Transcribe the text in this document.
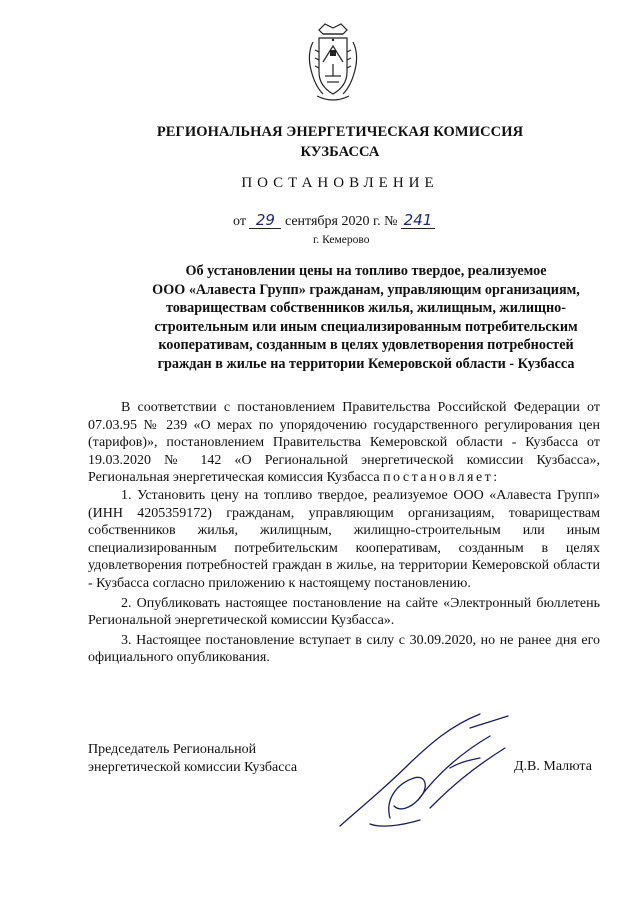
РЕГИОНАЛЬНАЯ ЭНЕРГЕТИЧЕСКАЯ КОМИССИЯ
КУЗБАССА
ПОСТАНОВЛЕНИЕ
от 29 сентября 2020 г. № 241
г. Кемерово
Об установлении цены на топливо твердое, реализуемое
ООО «Алавеста Групп» гражданам, управляющим организациям,
товариществам собственников жилья, жилищным, жилищно-
строительным или иным специализированным потребительским
кооперативам, созданным в целях удовлетворения потребностей
граждан в жилье на территории Кемеровской области - Кузбасса

В соответствии с постановлением Правительства Российской Федерации от 07.03.95 № 239 «О мерах по упорядочению государственного регулирования цен (тарифов)», постановлением Правительства Кемеровской области - Кузбасса от 19.03.2020 № 142 «О Региональной энергетической комиссии Кузбасса», Региональная энергетическая комиссия Кузбасса постановляет:

1. Установить цену на топливо твердое, реализуемое ООО «Алавеста Групп» (ИНН 4205359172) гражданам, управляющим организациям, товариществам собственников жилья, жилищным, жилищно-строительным или иным специализированным потребительским кооперативам, созданным в целях удовлетворения потребностей граждан в жилье, на территории Кемеровской области - Кузбасса согласно приложению к настоящему постановлению.

2. Опубликовать настоящее постановление на сайте «Электронный бюллетень Региональной энергетической комиссии Кузбасса».

3. Настоящее постановление вступает в силу с 30.09.2020, но не ранее дня его официального опубликования.

Председатель Региональной
энергетической комиссии Кузбасса	Д.В. Малюта
